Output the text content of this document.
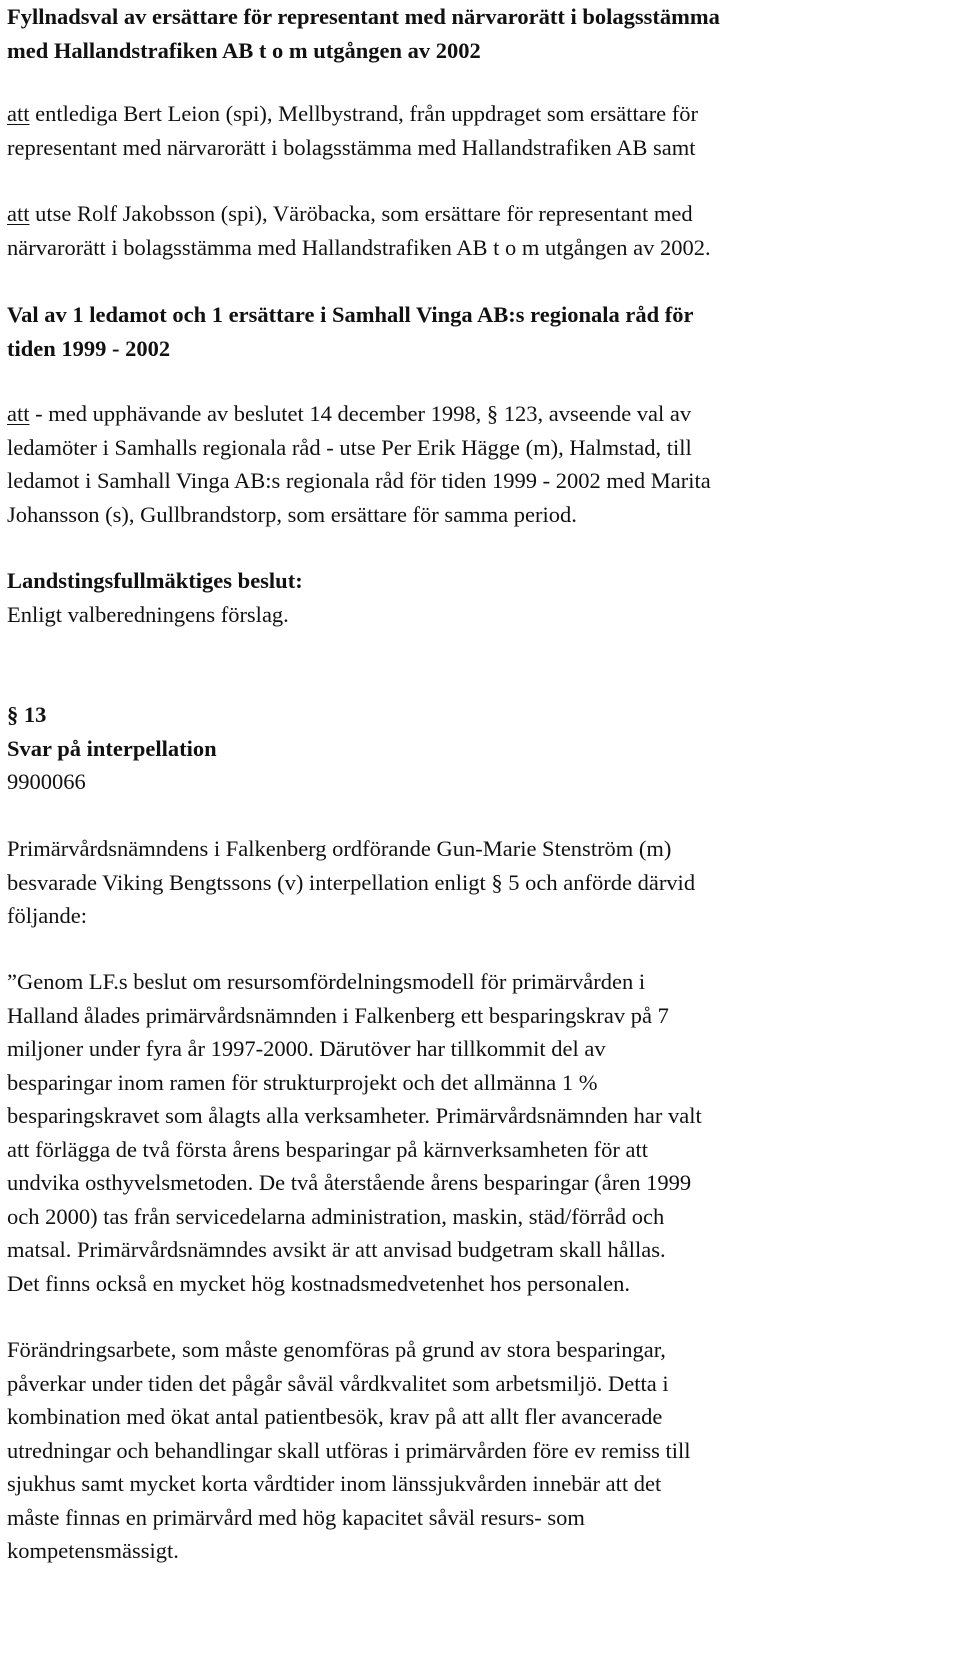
Fyllnadsval av ersättare för representant med närvarorätt i bolagsstämma
med Hallandstrafiken AB t o m utgången av 2002
att entlediga Bert Leion (spi), Mellbystrand, från uppdraget som ersättare för
representant med närvarorätt i bolagsstämma med Hallandstrafiken AB samt
att utse Rolf Jakobsson (spi), Väröbacka, som ersättare för representant med
närvarorätt i bolagsstämma med Hallandstrafiken AB t o m utgången av 2002.
Val av 1 ledamot och 1 ersättare i Samhall Vinga AB:s regionala råd för
tiden 1999 - 2002
att - med upphävande av beslutet 14 december 1998, § 123, avseende val av
ledamöter i Samhalls regionala råd - utse Per Erik Hägge (m), Halmstad, till
ledamot i Samhall Vinga AB:s regionala råd för tiden 1999 - 2002 med Marita
Johansson (s), Gullbrandstorp, som ersättare för samma period.
Landstingsfullmäktiges beslut:
Enligt valberedningens förslag.
§ 13
Svar på interpellation
9900066
Primärvårdsnämndens i Falkenberg ordförande Gun-Marie Stenström (m)
besvarade Viking Bengtssons (v) interpellation enligt § 5 och anförde därvid
följande:
”Genom LF.s beslut om resursomfördelningsmodell för primärvården i
Halland ålades primärvårdsnämnden i Falkenberg ett besparingskrav på 7
miljoner under fyra år 1997-2000. Därutöver har tillkommit del av
besparingar inom ramen för strukturprojekt och det allmänna 1 %
besparingskravet som ålagts alla verksamheter. Primärvårdsnämnden har valt
att förlägga de två första årens besparingar på kärnverksamheten för att
undvika osthyvelsmetoden. De två återstående årens besparingar (åren 1999
och 2000) tas från servicedelarna administration, maskin, städ/förråd och
matsal. Primärvårdsnämndes avsikt är att anvisad budgetram skall hållas.
Det finns också en mycket hög kostnadsmedvetenhet hos personalen.
Förändringsarbete, som måste genomföras på grund av stora besparingar,
påverkar under tiden det pågår såväl vårdkvalitet som arbetsmiljö. Detta i
kombination med ökat antal patientbesök, krav på att allt fler avancerade
utredningar och behandlingar skall utföras i primärvården före ev remiss till
sjukhus samt mycket korta vårdtider inom länssjukvården innebär att det
måste finnas en primärvård med hög kapacitet såväl resurs- som
kompetensmässigt.
